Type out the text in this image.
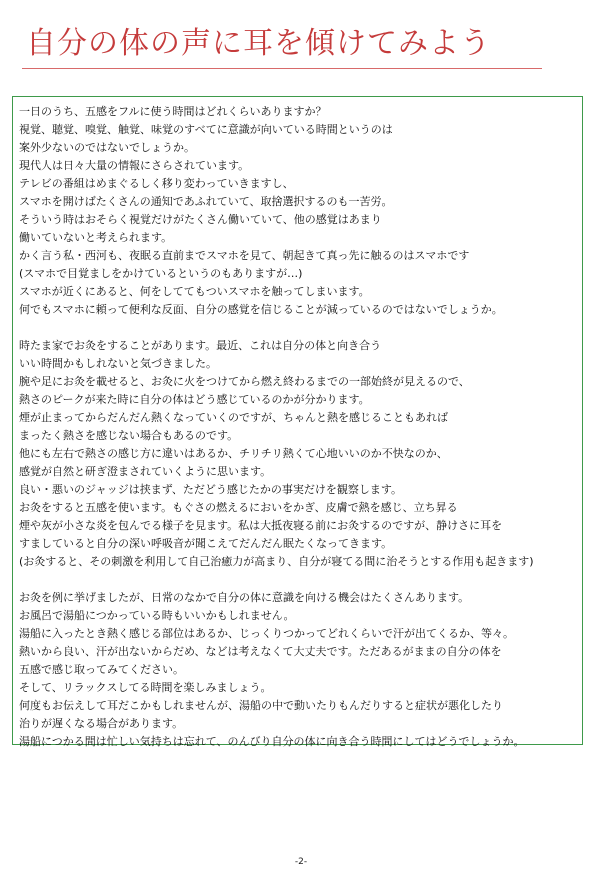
自分の体の声に耳を傾けてみよう
一日のうち、五感をフルに使う時間はどれくらいありますか？
視覚、聴覚、嗅覚、触覚、味覚のすべてに意識が向いている時間というのは
案外少ないのではないでしょうか。
現代人は日々大量の情報にさらされています。
テレビの番組はめまぐるしく移り変わっていきますし、
スマホを開けばたくさんの通知であふれていて、取捨選択するのも一苦労。
そういう時はおそらく視覚だけがたくさん働いていて、他の感覚はあまり
働いていないと考えられます。
かく言う私・西河も、夜眠る直前までスマホを見て、朝起きて真っ先に触るのはスマホです
(スマホで目覚ましをかけているというのもありますが…)
スマホが近くにあると、何をしててもついスマホを触ってしまいます。
何でもスマホに頼って便利な反面、自分の感覚を信じることが減っているのではないでしょうか。
時たま家でお灸をすることがあります。最近、これは自分の体と向き合う
いい時間かもしれないと気づきました。
腕や足にお灸を載せると、お灸に火をつけてから燃え終わるまでの一部始終が見えるので、
熱さのピークが来た時に自分の体はどう感じているのかが分かります。
煙が止まってからだんだん熱くなっていくのですが、ちゃんと熱を感じることもあれば
まったく熱さを感じない場合もあるのです。
他にも左右で熱さの感じ方に違いはあるか、チリチリ熱くて心地いいのか不快なのか、
感覚が自然と研ぎ澄まされていくように思います。
良い・悪いのジャッジは挟まず、ただどう感じたかの事実だけを観察します。
お灸をすると五感を使います。もぐさの燃えるにおいをかぎ、皮膚で熱を感じ、立ち昇る
煙や灰が小さな炎を包んでる様子を見ます。私は大抵夜寝る前にお灸するのですが、静けさに耳を
すましていると自分の深い呼吸音が聞こえてだんだん眠たくなってきます。
(お灸すると、その刺激を利用して自己治癒力が高まり、自分が寝てる間に治そうとする作用も起きます)
お灸を例に挙げましたが、日常のなかで自分の体に意識を向ける機会はたくさんあります。
お風呂で湯船につかっている時もいいかもしれません。
湯船に入ったとき熱く感じる部位はあるか、じっくりつかってどれくらいで汗が出てくるか、等々。
熱いから良い、汗が出ないからだめ、などは考えなくて大丈夫です。ただあるがままの自分の体を
五感で感じ取ってみてください。
そして、リラックスしてる時間を楽しみましょう。
何度もお伝えして耳だこかもしれませんが、湯船の中で動いたりもんだりすると症状が悪化したり
治りが遅くなる場合があります。
湯船につかる間は忙しい気持ちは忘れて、のんびり自分の体に向き合う時間にしてはどうでしょうか。
-2-
